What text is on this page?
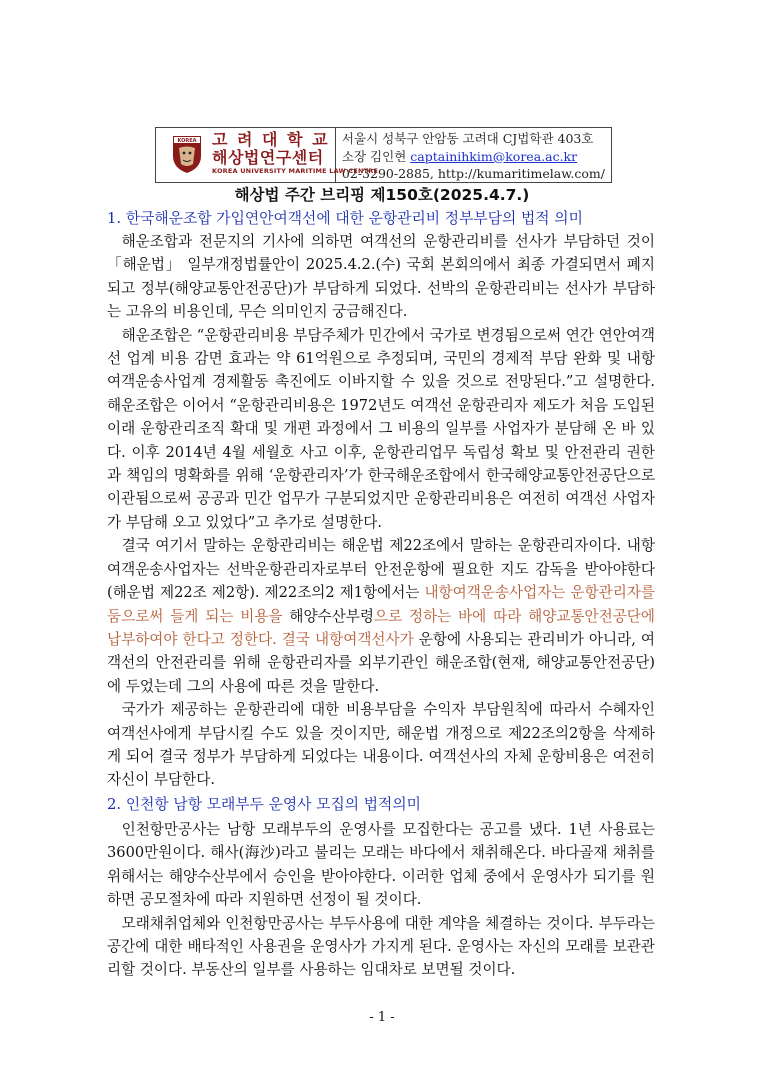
KOREA 고 려 대 학 교
해상법연구센터
KOREA UNIVERSITY MARITIME LAW CENTRE
서울시 성북구 안암동 고려대 CJ법학관 403호
소장 김인현 captainihkim@korea.ac.kr
02-3290-2885, http://kumaritimelaw.com/
해상법 주간 브리핑 제150호(2025.4.7.)
1. 한국해운조합 가입연안여객선에 대한 운항관리비 정부부담의 법적 의미

해운조합과 전문지의 기사에 의하면 여객선의 운항관리비를 선사가 부담하던 것이 「해운법」 일부개정법률안이 2025.4.2.(수) 국회 본회의에서 최종 가결되면서 폐지되고 정부(해양교통안전공단)가 부담하게 되었다. 선박의 운항관리비는 선사가 부담하는 고유의 비용인데, 무슨 의미인지 궁금해진다.

해운조합은 “운항관리비용 부담주체가 민간에서 국가로 변경됨으로써 연간 연안여객선 업계 비용 감면 효과는 약 61억원으로 추정되며, 국민의 경제적 부담 완화 및 내항여객운송사업계 경제활동 촉진에도 이바지할 수 있을 것으로 전망된다.”고 설명한다. 해운조합은 이어서 “운항관리비용은 1972년도 여객선 운항관리자 제도가 처음 도입된 이래 운항관리조직 확대 및 개편 과정에서 그 비용의 일부를 사업자가 분담해 온 바 있다. 이후 2014년 4월 세월호 사고 이후, 운항관리업무 독립성 확보 및 안전관리 권한과 책임의 명확화를 위해 ‘운항관리자’가 한국해운조합에서 한국해양교통안전공단으로 이관됨으로써 공공과 민간 업무가 구분되었지만 운항관리비용은 여전히 여객선 사업자가 부담해 오고 있었다”고 추가로 설명한다.

결국 여기서 말하는 운항관리비는 해운법 제22조에서 말하는 운항관리자이다. 내항여객운송사업자는 선박운항관리자로부터 안전운항에 필요한 지도 감독을 받아야한다(해운법 제22조 제2항). 제22조의2 제1항에서는 내항여객운송사업자는 운항관리자를 둠으로써 들게 되는 비용을 해양수산부령으로 정하는 바에 따라 해양교통안전공단에 납부하여야 한다고 정한다. 결국 내항여객선사가 운항에 사용되는 관리비가 아니라, 여객선의 안전관리를 위해 운항관리자를 외부기관인 해운조합(현재, 해양교통안전공단)에 두었는데 그의 사용에 따른 것을 말한다.

국가가 제공하는 운항관리에 대한 비용부담을 수익자 부담원칙에 따라서 수혜자인 여객선사에게 부담시킬 수도 있을 것이지만, 해운법 개정으로 제22조의2항을 삭제하게 되어 결국 정부가 부담하게 되었다는 내용이다. 여객선사의 자체 운항비용은 여전히 자신이 부담한다.

2. 인천항 남항 모래부두 운영사 모집의 법적의미

인천항만공사는 남항 모래부두의 운영사를 모집한다는 공고를 냈다. 1년 사용료는 3600만원이다. 해사(海沙)라고 불리는 모래는 바다에서 채취해온다. 바다골재 채취를 위해서는 해양수산부에서 승인을 받아야한다. 이러한 업체 중에서 운영사가 되기를 원하면 공모절차에 따라 지원하면 선정이 될 것이다.

모래채취업체와 인천항만공사는 부두사용에 대한 계약을 체결하는 것이다. 부두라는 공간에 대한 배타적인 사용권을 운영사가 가지게 된다. 운영사는 자신의 모래를 보관관리할 것이다. 부동산의 일부를 사용하는 임대차로 보면될 것이다.

- 1 -
